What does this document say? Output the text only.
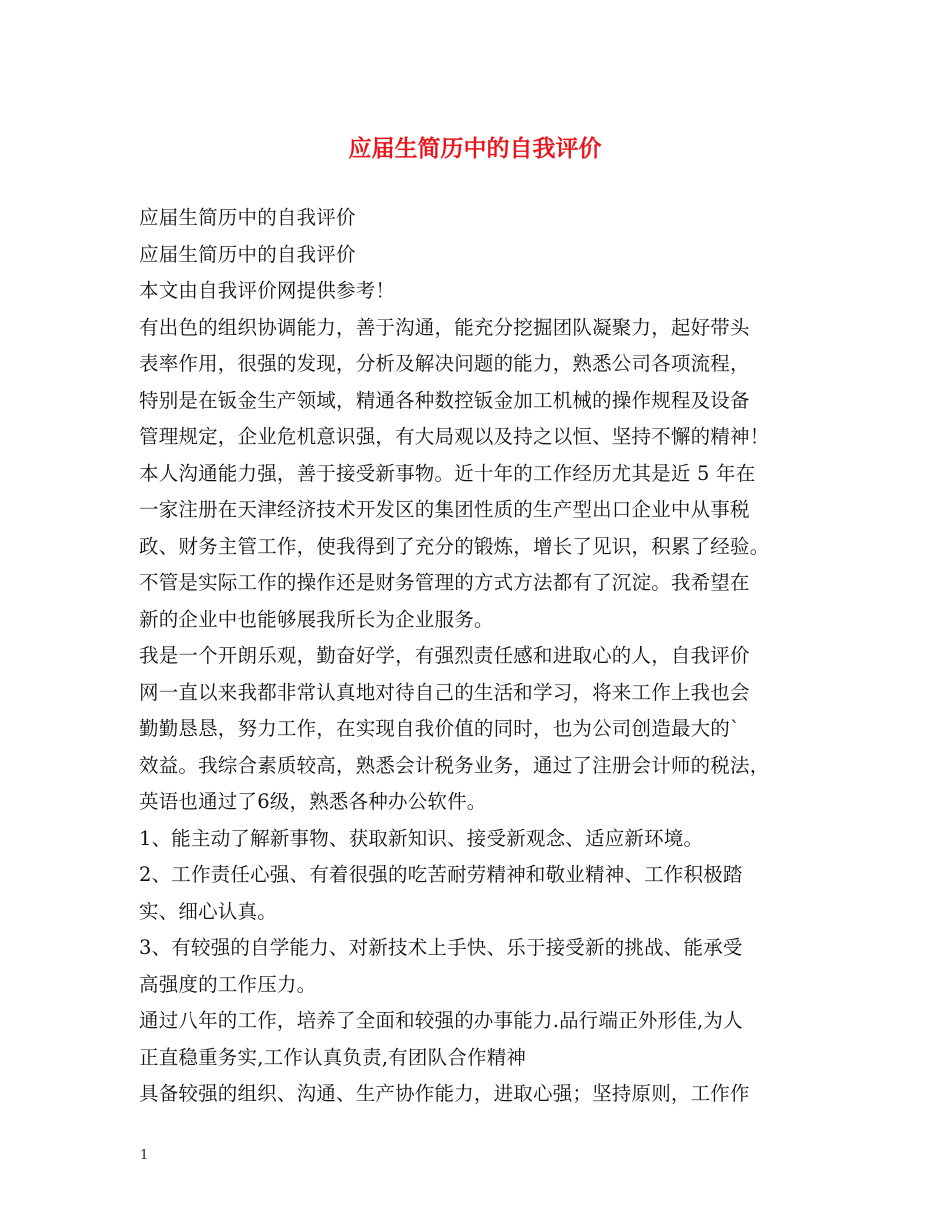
应届生简历中的自我评价
应届生简历中的自我评价
应届生简历中的自我评价
本文由自我评价网提供参考！
有出色的组织协调能力，善于沟通，能充分挖掘团队凝聚力，起好带头
表率作用，很强的发现，分析及解决问题的能力，熟悉公司各项流程，
特别是在钣金生产领域，精通各种数控钣金加工机械的操作规程及设备
管理规定，企业危机意识强，有大局观以及持之以恒、坚持不懈的精神！
本人沟通能力强，善于接受新事物。近十年的工作经历尤其是近 5 年在
一家注册在天津经济技术开发区的集团性质的生产型出口企业中从事税
政、财务主管工作，使我得到了充分的锻炼，增长了见识，积累了经验。
不管是实际工作的操作还是财务管理的方式方法都有了沉淀。我希望在
新的企业中也能够展我所长为企业服务。
我是一个开朗乐观，勤奋好学，有强烈责任感和进取心的人，自我评价
网一直以来我都非常认真地对待自己的生活和学习，将来工作上我也会
勤勤恳恳，努力工作，在实现自我价值的同时，也为公司创造最大的`
效益。我综合素质较高，熟悉会计税务业务，通过了注册会计师的税法，
英语也通过了6级，熟悉各种办公软件。
1、能主动了解新事物、获取新知识、接受新观念、适应新环境。
2、工作责任心强、有着很强的吃苦耐劳精神和敬业精神、工作积极踏
实、细心认真。
3、有较强的自学能力、对新技术上手快、乐于接受新的挑战、能承受
高强度的工作压力。
通过八年的工作，培养了全面和较强的办事能力.品行端正外形佳,为人
正直稳重务实,工作认真负责,有团队合作精神
具备较强的组织、沟通、生产协作能力，进取心强；坚持原则，工作作
1
